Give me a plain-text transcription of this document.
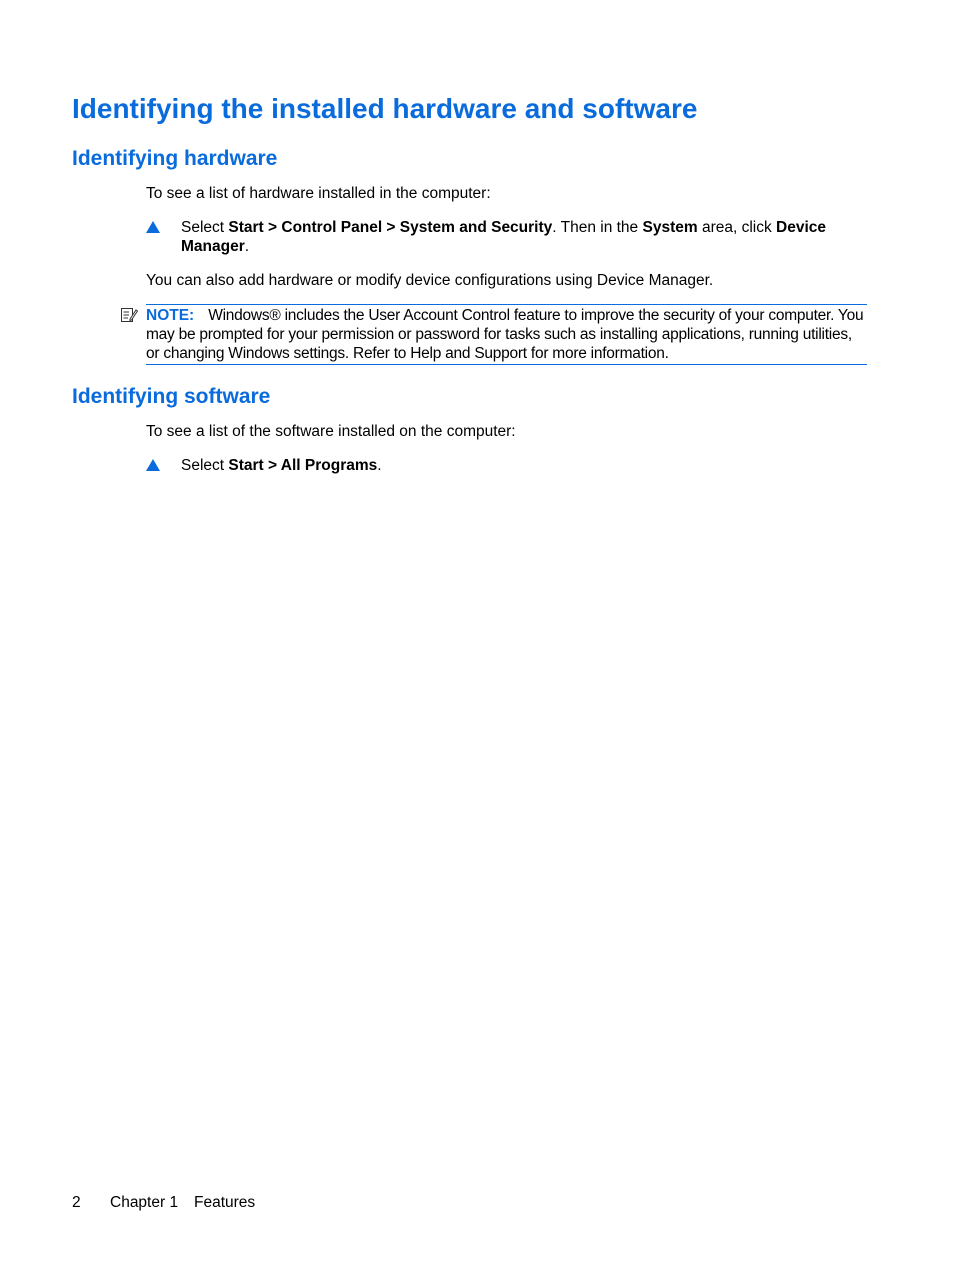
Identifying the installed hardware and software
Identifying hardware

To see a list of hardware installed in the computer:

Select Start > Control Panel > System and Security. Then in the System area, click Device Manager.

You can also add hardware or modify device configurations using Device Manager.

NOTE: Windows® includes the User Account Control feature to improve the security of your computer. You may be prompted for your permission or password for tasks such as installing applications, running utilities, or changing Windows settings. Refer to Help and Support for more information.
Identifying software

To see a list of the software installed on the computer:

Select Start > All Programs.
2 Chapter 1 Features
